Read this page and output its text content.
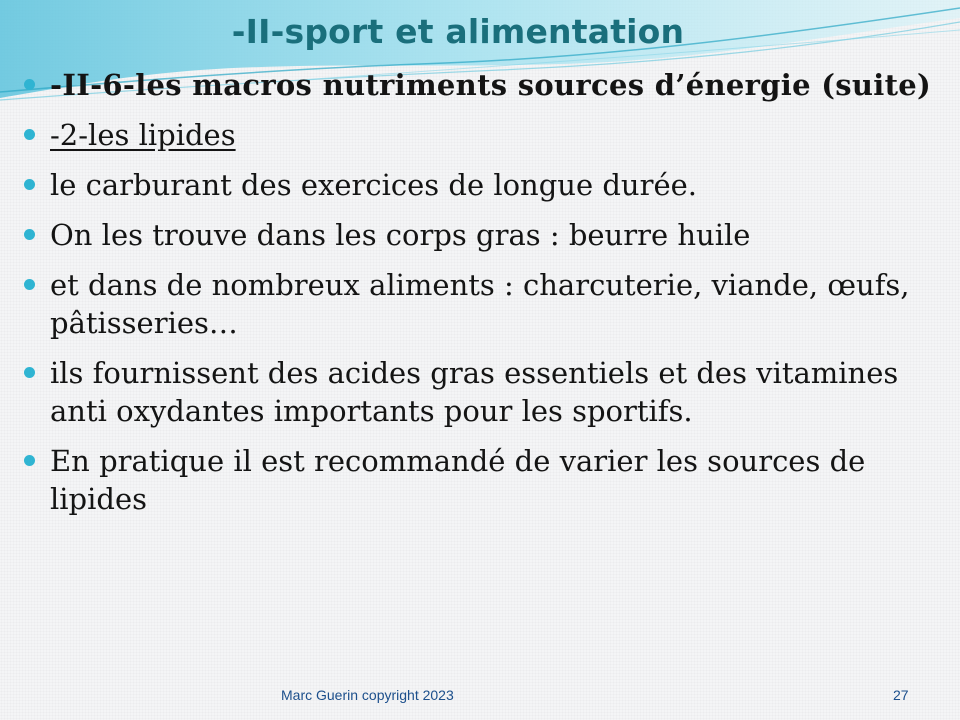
-II-sport et alimentation
-II-6-les macros nutriments sources d’énergie (suite)
-2-les lipides
le carburant des exercices de longue durée.
On les trouve dans les corps gras : beurre huile
et dans de nombreux aliments : charcuterie, viande, œufs, pâtisseries…
ils fournissent des acides gras essentiels et des vitamines anti oxydantes importants pour les sportifs.
En pratique il est recommandé de varier les sources de lipides
Marc Guerin copyright 2023	27
